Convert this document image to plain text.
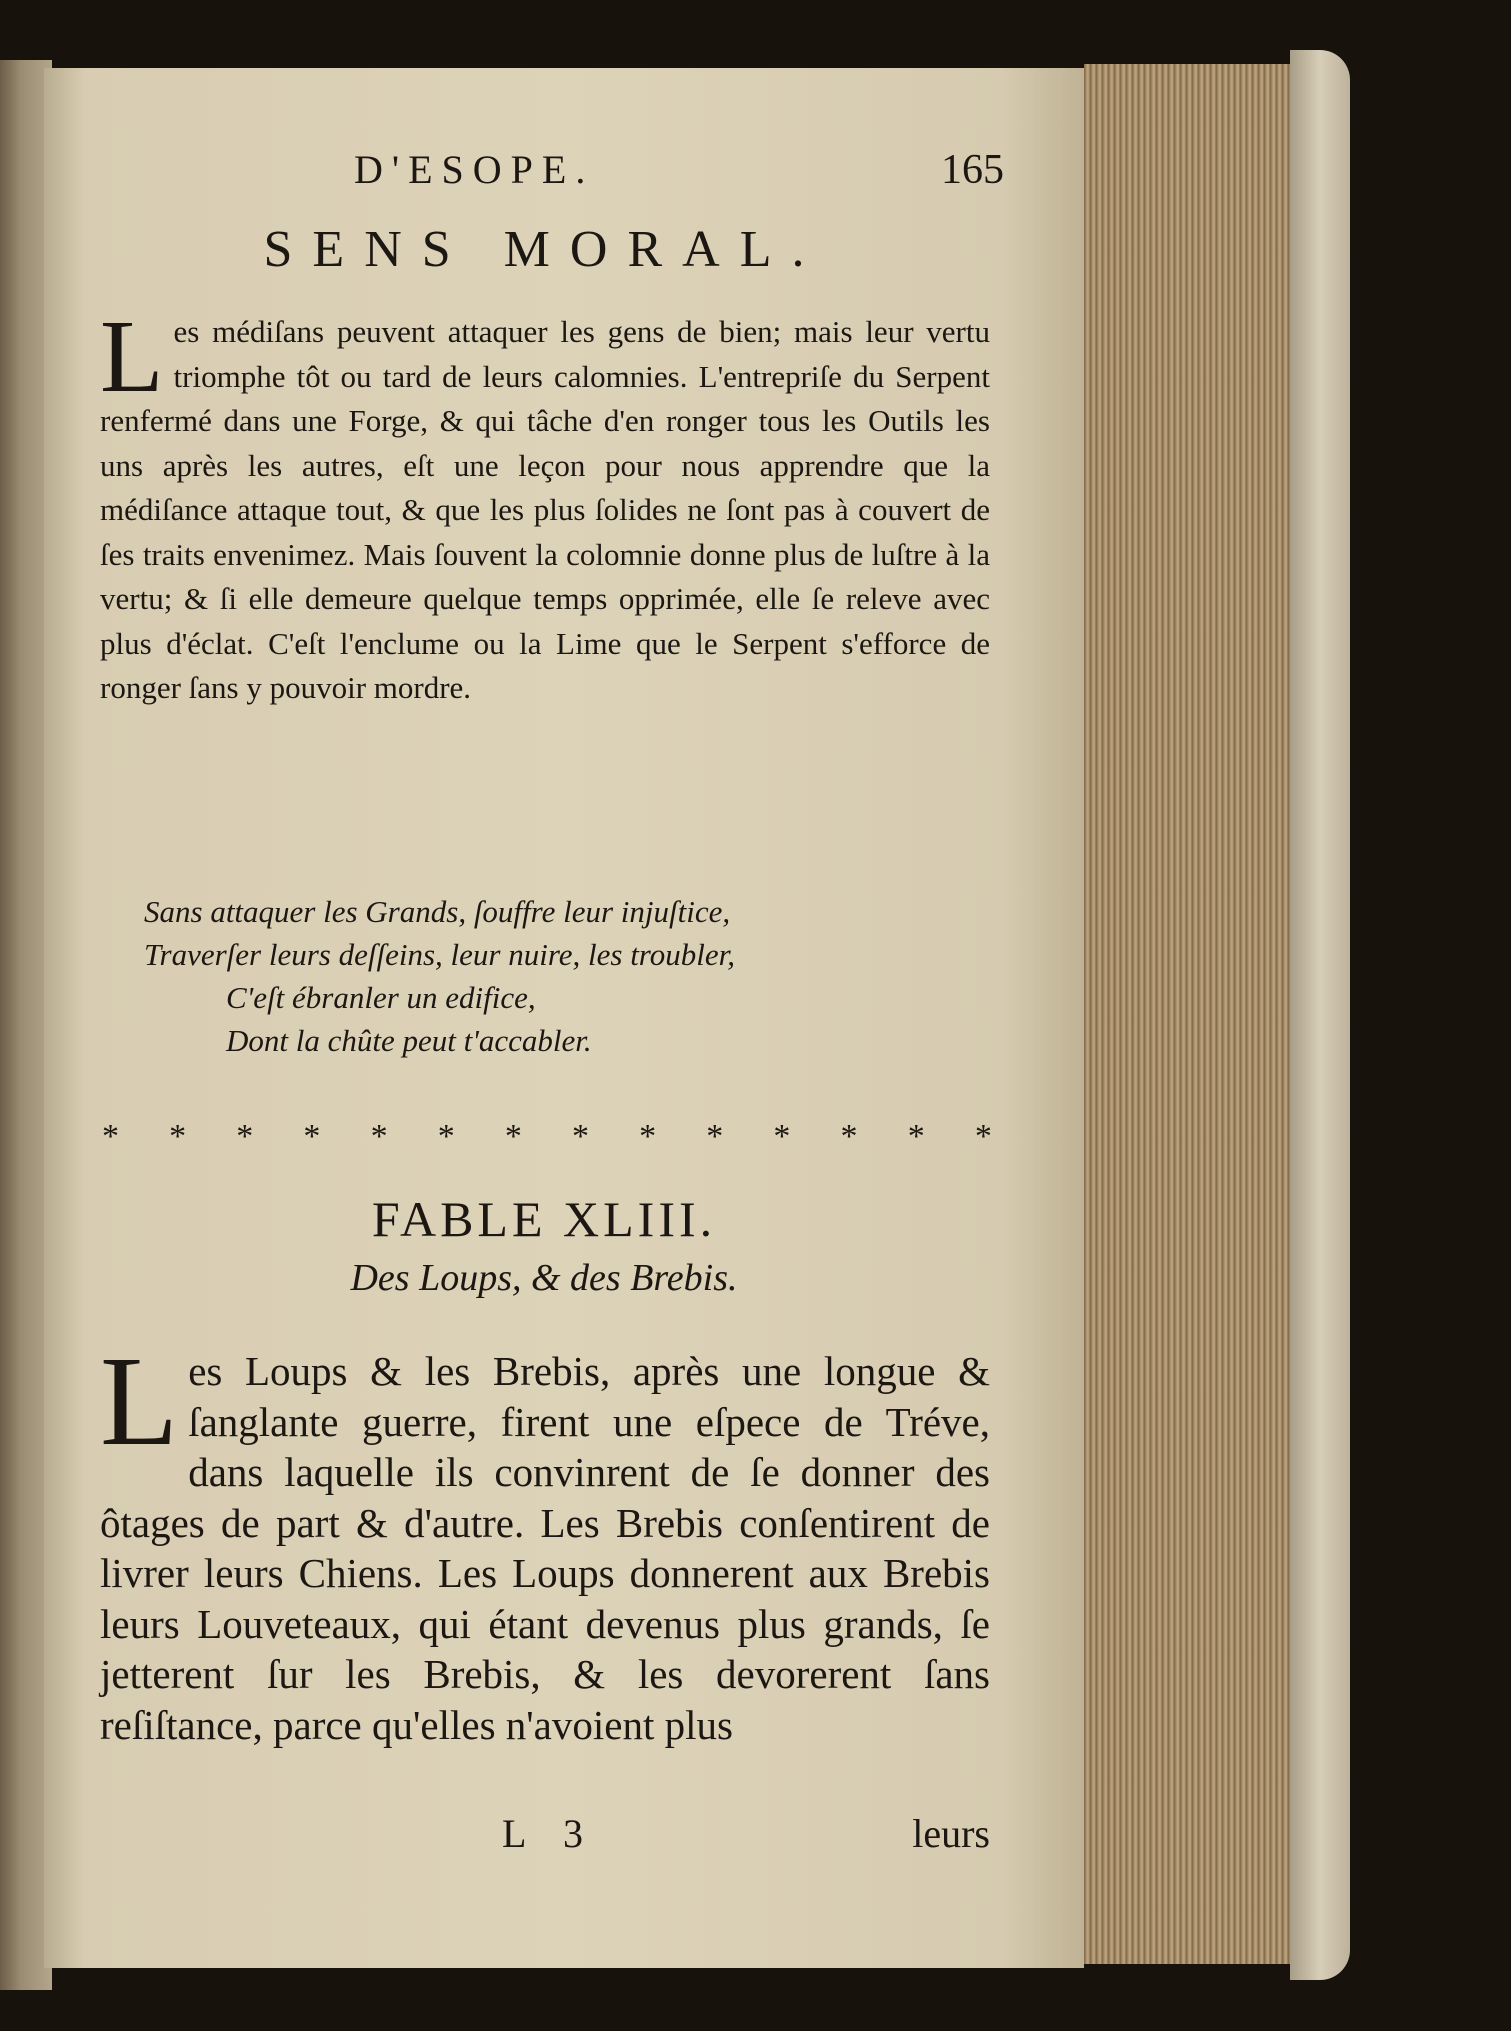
D'ESOPE.	165
SENS MORAL.
L es médiſans peuvent attaquer les gens de bien; mais leur vertu triomphe tôt ou tard de leurs calomnies. L'entrepriſe du Serpent renfermé dans une Forge, & qui tâche d'en ronger tous les Outils les uns après les autres, eſt une leçon pour nous apprendre que la médiſance attaque tout, & que les plus ſolides ne ſont pas à couvert de ſes traits envenimez. Mais ſouvent la colomnie donne plus de luſtre à la vertu; & ſi elle demeure quelque temps opprimée, elle ſe releve avec plus d'éclat. C'eſt l'enclume ou la Lime que le Serpent s'efforce de ronger ſans y pouvoir mordre.

Sans attaquer les Grands, ſouffre leur injuſtice,
Traverſer leurs deſſeins, leur nuire, les troubler,
C'eſt ébranler un edifice,
Dont la chûte peut t'accabler.
* * * * * * * * * * * * * *
FABLE XLIII.
Des Loups, & des Brebis.
L es Loups & les Brebis, après une longue & ſanglante guerre, firent une eſpece de Tréve, dans laquelle ils convinrent de ſe donner des ôtages de part & d'autre. Les Brebis conſentirent de livrer leurs Chiens. Les Loups donnerent aux Brebis leurs Louveteaux, qui étant devenus plus grands, ſe jetterent ſur les Brebis, & les devorerent ſans reſiſtance, parce qu'elles n'avoient plus

L 3	leurs
